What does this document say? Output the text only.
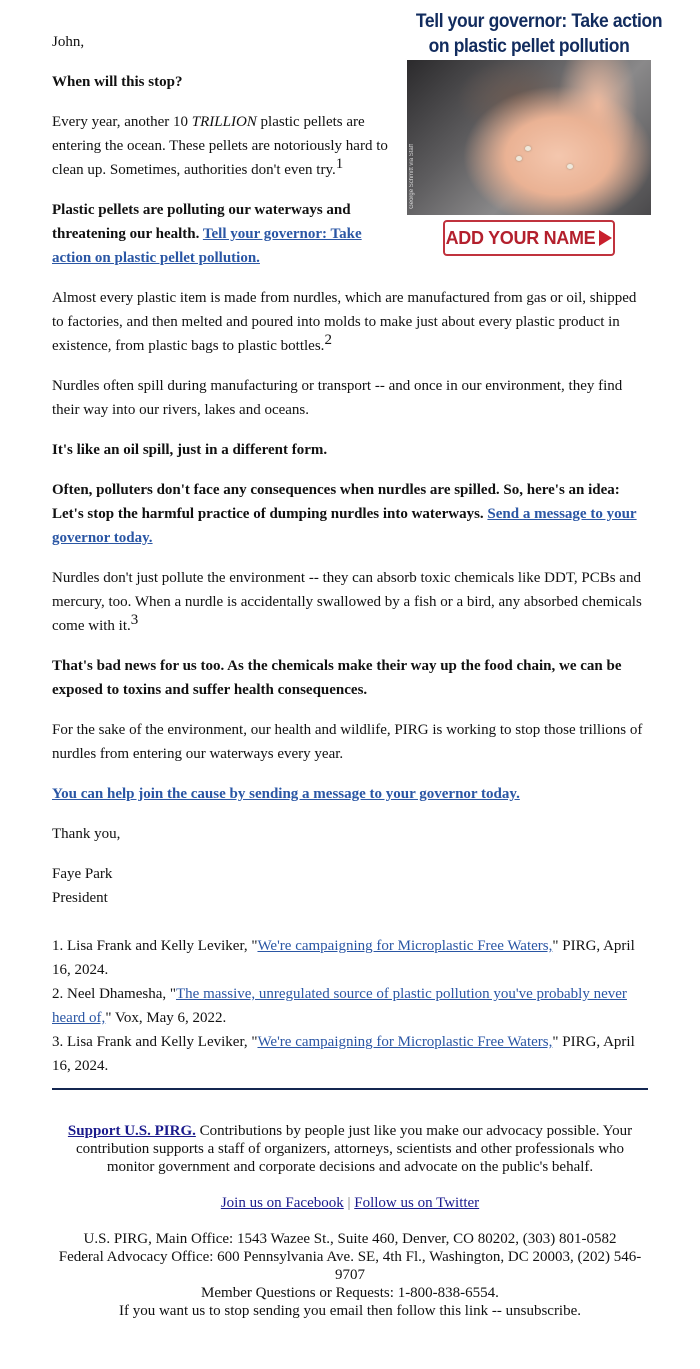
Tell your governor: Take action
on plastic pellet pollution
George Schmitt via Staff
ADD YOUR NAME

John,

When will this stop?

Every year, another 10 TRILLION plastic pellets are entering the ocean. These pellets are notoriously hard to clean up. Sometimes, authorities don't even try.$^1$

Plastic pellets are polluting our waterways and threatening our health. Tell your governor: Take action on plastic pellet pollution.

Almost every plastic item is made from nurdles, which are manufactured from gas or oil, shipped to factories, and then melted and poured into molds to make just about every plastic product in existence, from plastic bags to plastic bottles.$^2$

Nurdles often spill during manufacturing or transport -- and once in our environment, they find their way into our rivers, lakes and oceans.

It's like an oil spill, just in a different form.

Often, polluters don't face any consequences when nurdles are spilled. So, here's an idea: Let's stop the harmful practice of dumping nurdles into waterways. Send a message to your governor today.

Nurdles don't just pollute the environment -- they can absorb toxic chemicals like DDT, PCBs and mercury, too. When a nurdle is accidentally swallowed by a fish or a bird, any absorbed chemicals come with it.$^3$

That's bad news for us too. As the chemicals make their way up the food chain, we can be exposed to toxins and suffer health consequences.

For the sake of the environment, our health and wildlife, PIRG is working to stop those trillions of nurdles from entering our waterways every year.

You can help join the cause by sending a message to your governor today.

Thank you,

Faye Park

President

1. Lisa Frank and Kelly Leviker, "We're campaigning for Microplastic Free Waters," PIRG, April 16, 2024.

2. Neel Dhamesha, "The massive, unregulated source of plastic pollution you've probably never heard of," Vox, May 6, 2022.

3. Lisa Frank and Kelly Leviker, "We're campaigning for Microplastic Free Waters," PIRG, April 16, 2024.

Support U.S. PIRG. Contributions by people just like you make our advocacy possible. Your contribution supports a staff of organizers, attorneys, scientists and other professionals who monitor government and corporate decisions and advocate on the public's behalf.

Join us on Facebook | Follow us on Twitter

U.S. PIRG, Main Office: 1543 Wazee St., Suite 460, Denver, CO 80202, (303) 801-0582

Federal Advocacy Office: 600 Pennsylvania Ave. SE, 4th Fl., Washington, DC 20003, (202) 546-9707

Member Questions or Requests: 1-800-838-6554.

If you want us to stop sending you email then follow this link -- unsubscribe.
